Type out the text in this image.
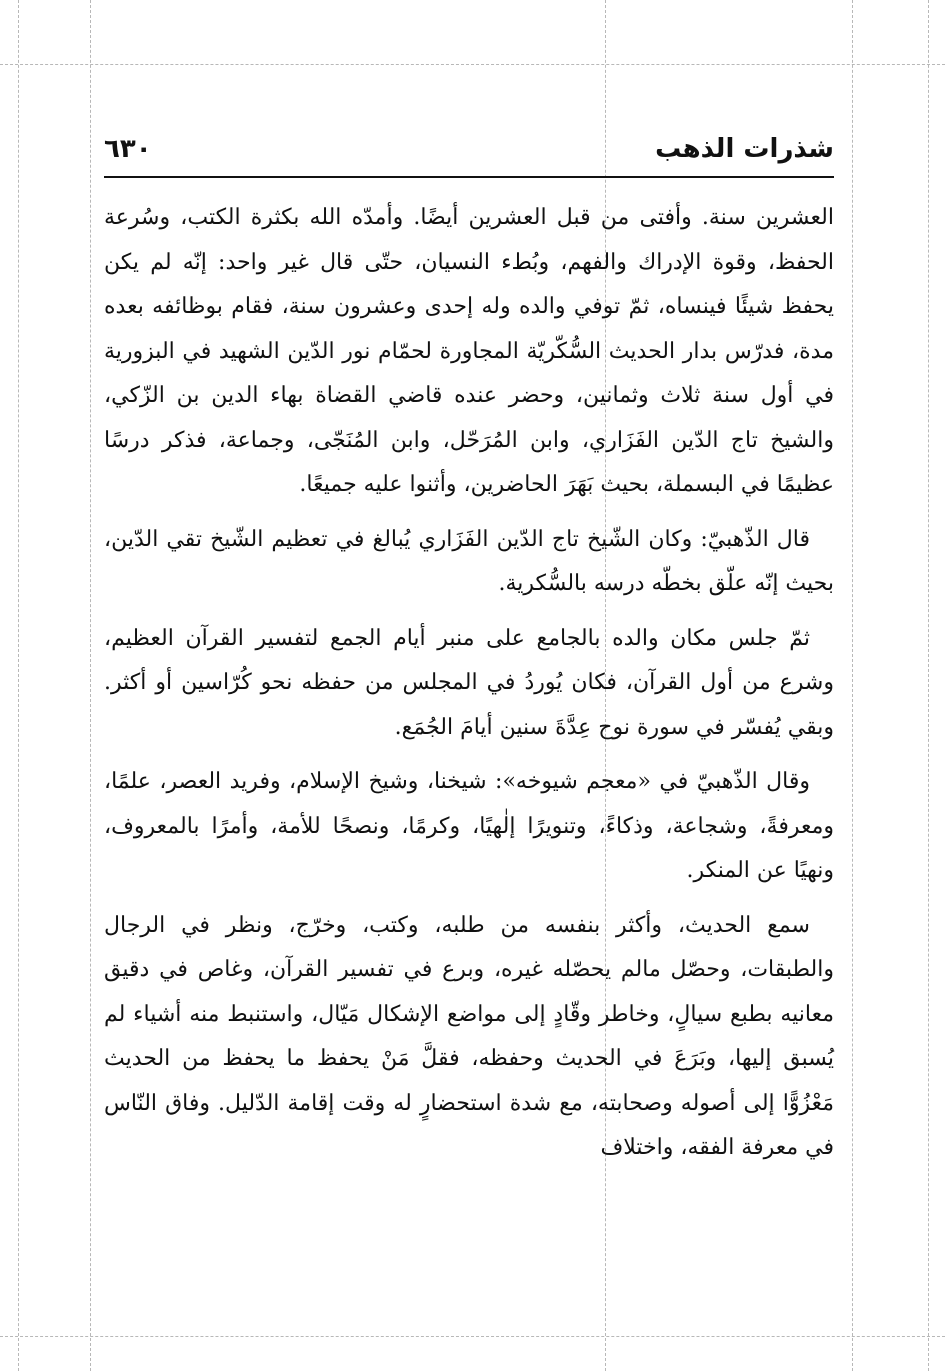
شذرات الذهب
٦٣٠

العشرين سنة. وأفتى من قبل العشرين أيضًا. وأمدّه الله بكثرة الكتب، وسُرعة الحفظ، وقوة الإدراك والفهم، وبُطء النسيان، حتّى قال غير واحد: إنّه لم يكن يحفظ شيئًا فينساه، ثمّ توفي والده وله إحدى وعشرون سنة، فقام بوظائفه بعده مدة، فدرّس بدار الحديث السُّكّريّة المجاورة لحمّام نور الدّين الشهيد في البزورية في أول سنة ثلاث وثمانين، وحضر عنده قاضي القضاة بهاء الدين بن الزّكي، والشيخ تاج الدّين الفَزَاري، وابن المُرَحّل، وابن المُنَجّى، وجماعة، فذكر درسًا عظيمًا في البسملة، بحيث بَهَرَ الحاضرين، وأثنوا عليه جميعًا.

قال الذّهبيّ: وكان الشّيخ تاج الدّين الفَزَاري يُبالغ في تعظيم الشّيخ تقي الدّين، بحيث إنّه علّق بخطّه درسه بالسُّكرية.

ثمّ جلس مكان والده بالجامع على منبر أيام الجمع لتفسير القرآن العظيم، وشرع من أول القرآن، فكان يُوردُ في المجلس من حفظه نحو كُرّاسين أو أكثر. وبقي يُفسّر في سورة نوح عِدَّةَ سنين أيامَ الجُمَع.

وقال الذّهبيّ في «معجم شيوخه»: شيخنا، وشيخ الإسلام، وفريد العصر، علمًا، ومعرفةً، وشجاعة، وذكاءً، وتنويرًا إلٰهيًا، وكرمًا، ونصحًا للأمة، وأمرًا بالمعروف، ونهيًا عن المنكر.

سمع الحديث، وأكثر بنفسه من طلبه، وكتب، وخرّج، ونظر في الرجال والطبقات، وحصّل مالم يحصّله غيره، وبرع في تفسير القرآن، وغاص في دقيق معانيه بطبع سيالٍ، وخاطر وقّادٍ إلى مواضع الإشكال مَيّال، واستنبط منه أشياء لم يُسبق إليها، وبَرَعَ في الحديث وحفظه، فقلَّ مَنْ يحفظ ما يحفظ من الحديث مَعْزُوًّا إلى أصوله وصحابته، مع شدة استحضارٍ له وقت إقامة الدّليل. وفاق النّاس في معرفة الفقه، واختلاف
